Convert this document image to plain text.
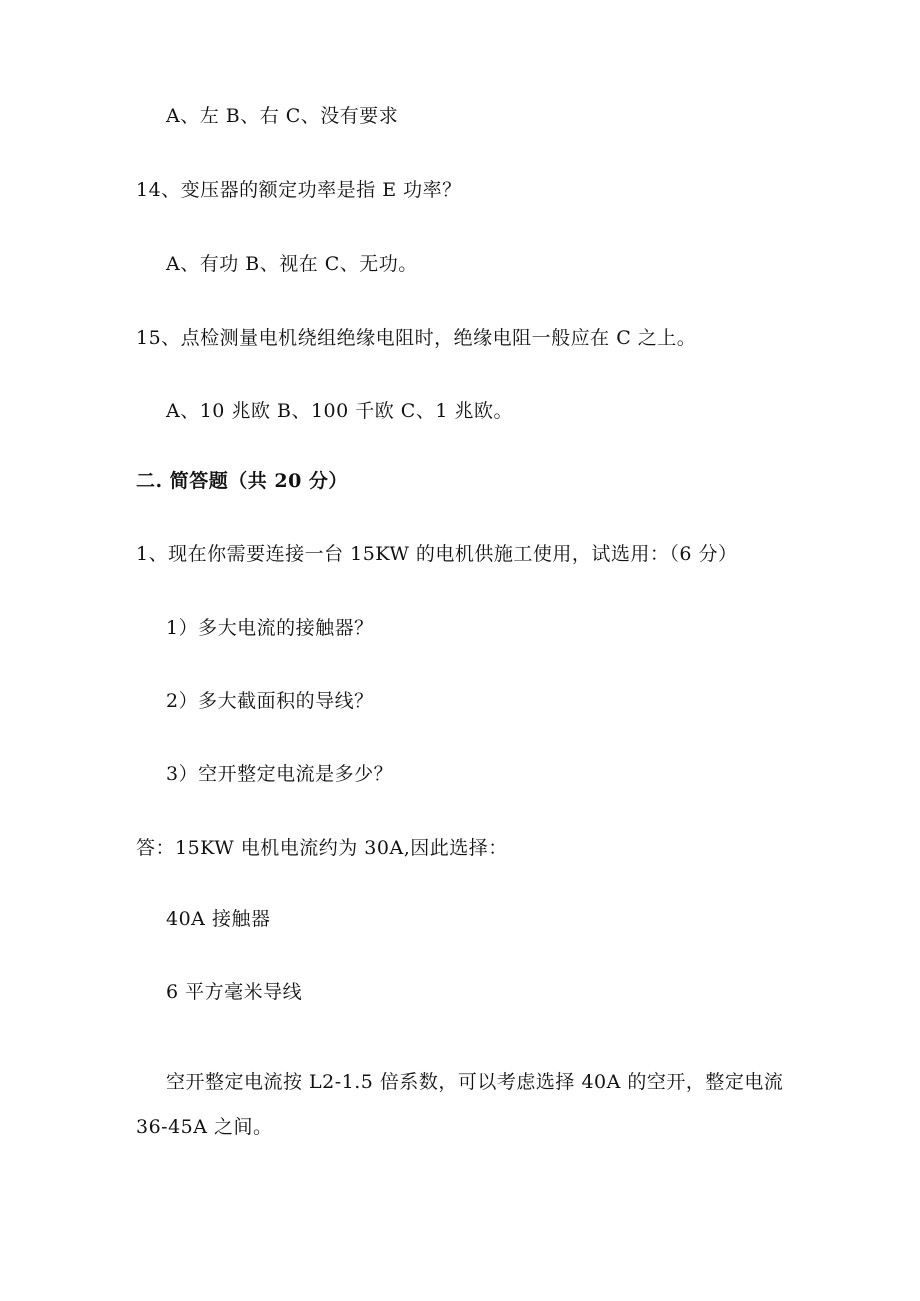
A、左 B、右 C、没有要求
14、变压器的额定功率是指 E 功率？
A、有功 B、视在 C、无功。
15、点检测量电机绕组绝缘电阻时，绝缘电阻一般应在 C 之上。
A、10 兆欧 B、100 千欧 C、1 兆欧。
二. 简答题（共 20 分）
1、现在你需要连接一台 15KW 的电机供施工使用，试选用：（6 分）
1）多大电流的接触器？
2）多大截面积的导线？
3）空开整定电流是多少？
答：15KW 电机电流约为 30A,因此选择：
40A 接触器
6 平方毫米导线
空开整定电流按 L2-1.5 倍系数，可以考虑选择 40A 的空开，整定电流
36-45A 之间。
